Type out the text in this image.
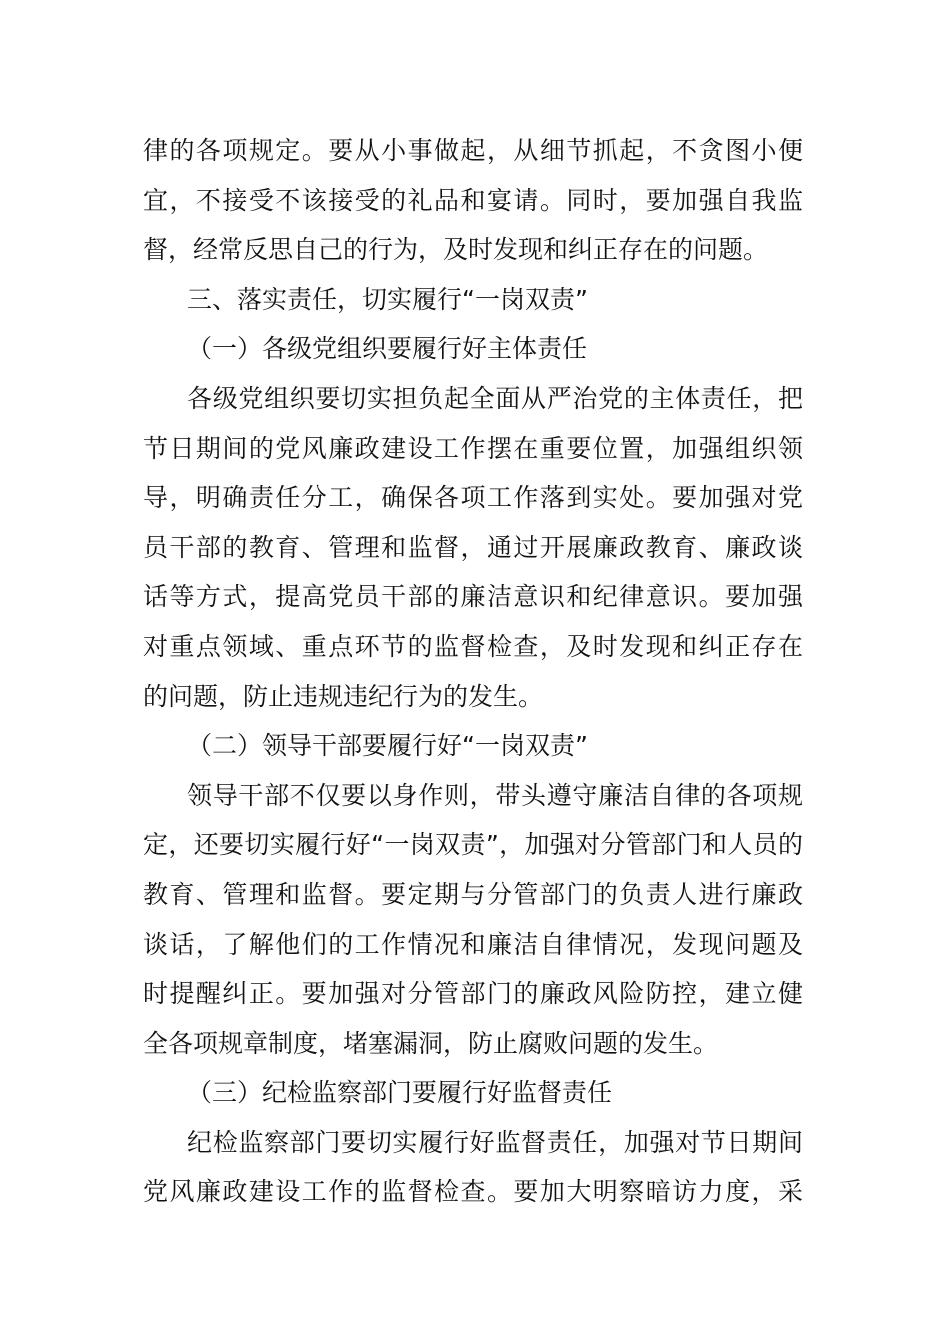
律的各项规定。要从小事做起，从细节抓起，不贪图小便
宜，不接受不该接受的礼品和宴请。同时，要加强自我监
督，经常反思自己的行为，及时发现和纠正存在的问题。
三、落实责任，切实履行“一岗双责”
（一）各级党组织要履行好主体责任
各级党组织要切实担负起全面从严治党的主体责任，把
节日期间的党风廉政建设工作摆在重要位置，加强组织领
导，明确责任分工，确保各项工作落到实处。要加强对党
员干部的教育、管理和监督，通过开展廉政教育、廉政谈
话等方式，提高党员干部的廉洁意识和纪律意识。要加强
对重点领域、重点环节的监督检查，及时发现和纠正存在
的问题，防止违规违纪行为的发生。
（二）领导干部要履行好“一岗双责”
领导干部不仅要以身作则，带头遵守廉洁自律的各项规
定，还要切实履行好“一岗双责”，加强对分管部门和人员的
教育、管理和监督。要定期与分管部门的负责人进行廉政
谈话，了解他们的工作情况和廉洁自律情况，发现问题及
时提醒纠正。要加强对分管部门的廉政风险防控，建立健
全各项规章制度，堵塞漏洞，防止腐败问题的发生。
（三）纪检监察部门要履行好监督责任
纪检监察部门要切实履行好监督责任，加强对节日期间
党风廉政建设工作的监督检查。要加大明察暗访力度，采
